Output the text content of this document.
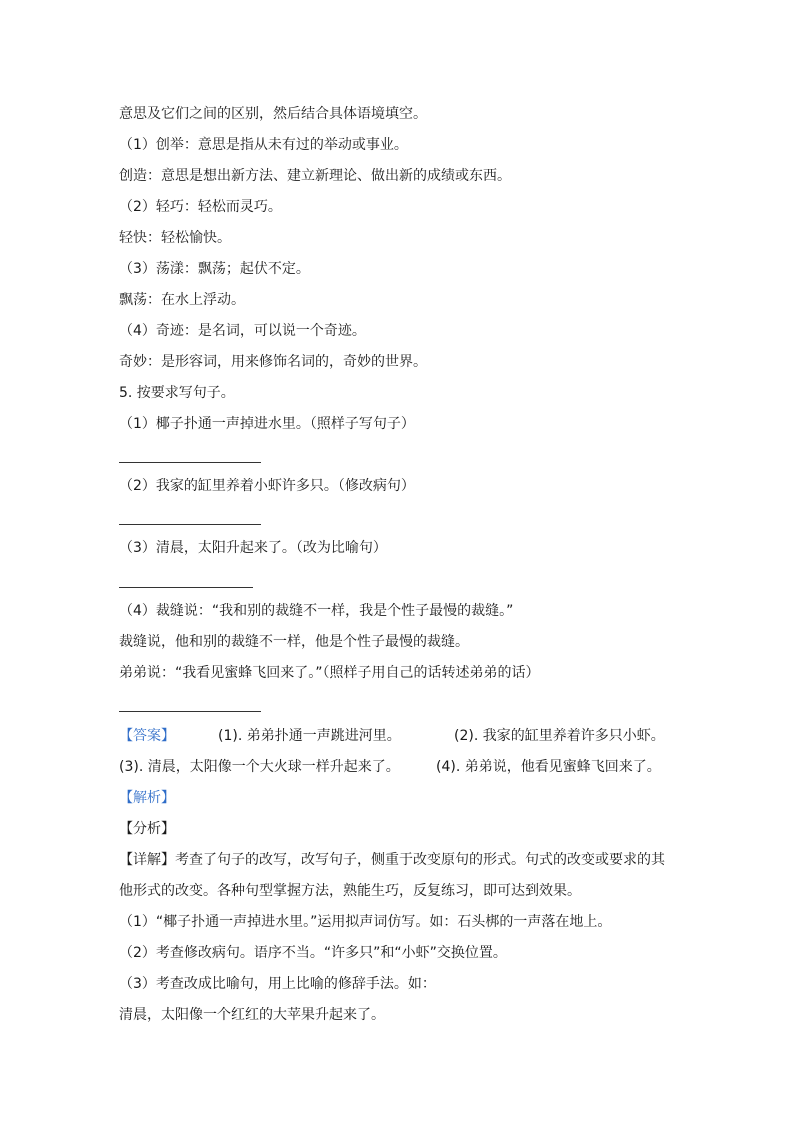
意思及它们之间的区别，然后结合具体语境填空。
（1）创举：意思是指从未有过的举动或事业。
创造：意思是想出新方法、建立新理论、做出新的成绩或东西。
（2）轻巧：轻松而灵巧。
轻快：轻松愉快。
（3）荡漾：飘荡；起伏不定。
飘荡：在水上浮动。
（4）奇迹：是名词，可以说一个奇迹。
奇妙：是形容词，用来修饰名词的，奇妙的世界。
5. 按要求写句子。
（1）椰子扑通一声掉进水里。（照样子写句子）
（2）我家的缸里养着小虾许多只。（修改病句）
（3）清晨，太阳升起来了。（改为比喻句）
（4）裁缝说：“我和别的裁缝不一样，我是个性子最慢的裁缝。”
裁缝说，他和别的裁缝不一样，他是个性子最慢的裁缝。
弟弟说：“我看见蜜蜂飞回来了。”（照样子用自己的话转述弟弟的话）
【答案】	(1). 弟弟扑通一声跳进河里。	(2). 我家的缸里养着许多只小虾。
(3). 清晨，太阳像一个大火球一样升起来了。	(4). 弟弟说，他看见蜜蜂飞回来了。
【解析】
【分析】
【详解】考查了句子的改写，改写句子，侧重于改变原句的形式。句式的改变或要求的其
他形式的改变。各种句型掌握方法，熟能生巧，反复练习，即可达到效果。
（1）“椰子扑通一声掉进水里。”运用拟声词仿写。如：石头梆的一声落在地上。
（2）考查修改病句。语序不当。“许多只”和“小虾”交换位置。
（3）考查改成比喻句，用上比喻的修辞手法。如：
清晨，太阳像一个红红的大苹果升起来了。
